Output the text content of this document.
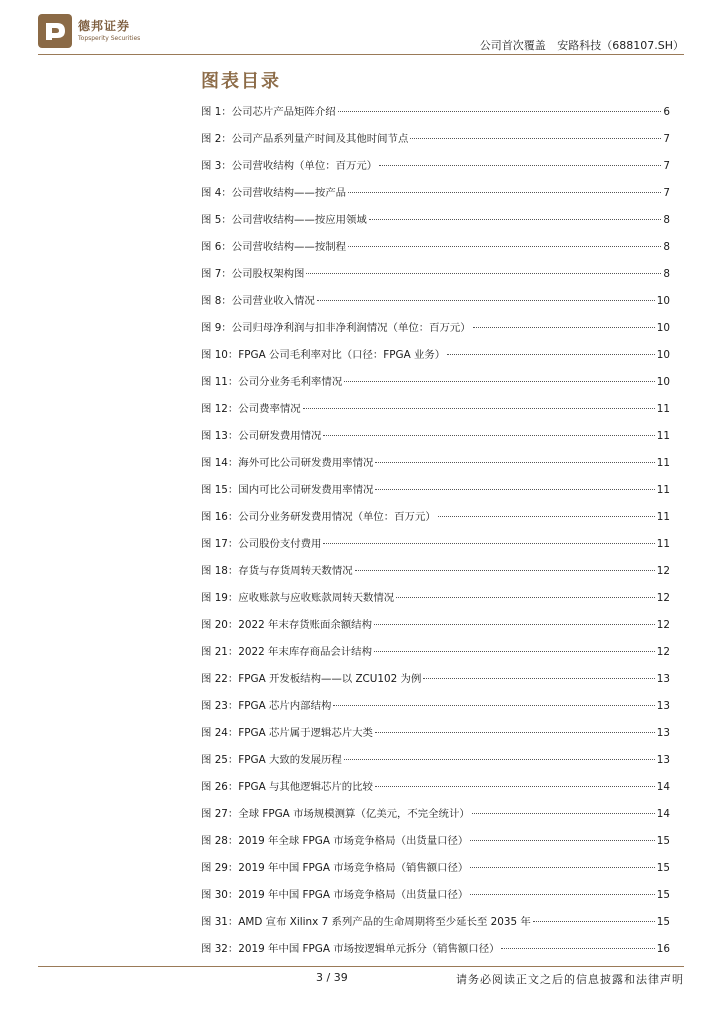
德邦证券
Topsperity Securities
公司首次覆盖 安路科技（688107.SH）
图表目录
图 1：公司芯片产品矩阵介绍	6
图 2：公司产品系列量产时间及其他时间节点	7
图 3：公司营收结构（单位：百万元）	7
图 4：公司营收结构——按产品	7
图 5：公司营收结构——按应用领域	8
图 6：公司营收结构——按制程	8
图 7：公司股权架构图	8
图 8：公司营业收入情况	10
图 9：公司归母净利润与扣非净利润情况（单位：百万元）	10
图 10：FPGA 公司毛利率对比（口径：FPGA 业务）	10
图 11：公司分业务毛利率情况	10
图 12：公司费率情况	11
图 13：公司研发费用情况	11
图 14：海外可比公司研发费用率情况	11
图 15：国内可比公司研发费用率情况	11
图 16：公司分业务研发费用情况（单位：百万元）	11
图 17：公司股份支付费用	11
图 18：存货与存货周转天数情况	12
图 19：应收账款与应收账款周转天数情况	12
图 20：2022 年末存货账面余额结构	12
图 21：2022 年末库存商品会计结构	12
图 22：FPGA 开发板结构——以 ZCU102 为例	13
图 23：FPGA 芯片内部结构	13
图 24：FPGA 芯片属于逻辑芯片大类	13
图 25：FPGA 大致的发展历程	13
图 26：FPGA 与其他逻辑芯片的比较	14
图 27：全球 FPGA 市场规模测算（亿美元，不完全统计）	14
图 28：2019 年全球 FPGA 市场竞争格局（出货量口径）	15
图 29：2019 年中国 FPGA 市场竞争格局（销售额口径）	15
图 30：2019 年中国 FPGA 市场竞争格局（出货量口径）	15
图 31：AMD 宣布 Xilinx 7 系列产品的生命周期将至少延长至 2035 年	15
图 32：2019 年中国 FPGA 市场按逻辑单元拆分（销售额口径）	16
3 / 39	请务必阅读正文之后的信息披露和法律声明
